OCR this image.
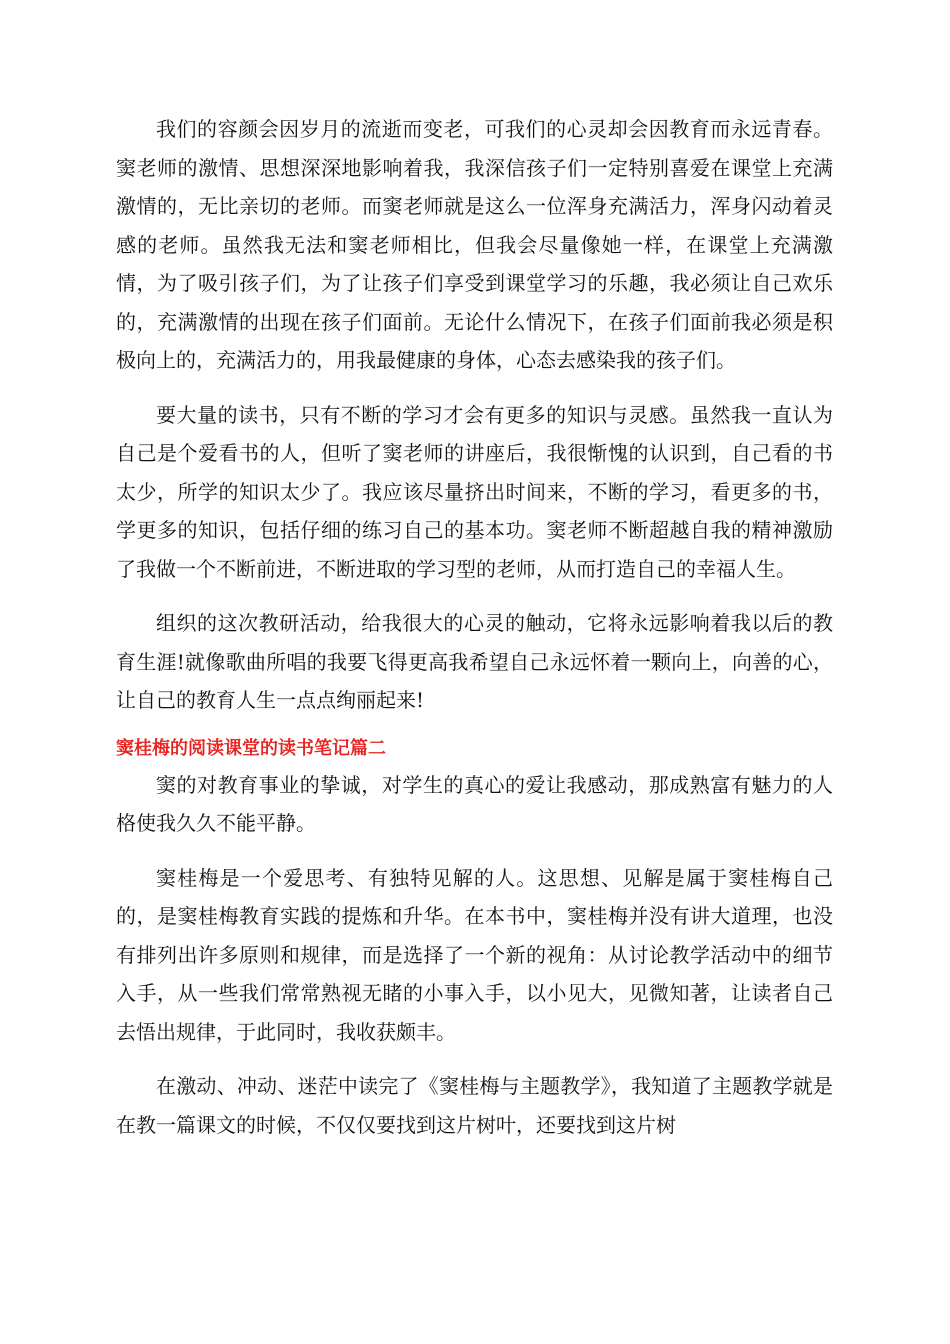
我们的容颜会因岁月的流逝而变老，可我们的心灵却会因教育而永远青春。窦老师的激情、思想深深地影响着我，我深信孩子们一定特别喜爱在课堂上充满激情的，无比亲切的老师。而窦老师就是这么一位浑身充满活力，浑身闪动着灵感的老师。虽然我无法和窦老师相比，但我会尽量像她一样，在课堂上充满激情，为了吸引孩子们，为了让孩子们享受到课堂学习的乐趣，我必须让自己欢乐的，充满激情的出现在孩子们面前。无论什么情况下，在孩子们面前我必须是积极向上的，充满活力的，用我最健康的身体，心态去感染我的孩子们。

要大量的读书，只有不断的学习才会有更多的知识与灵感。虽然我一直认为自己是个爱看书的人，但听了窦老师的讲座后，我很惭愧的认识到，自己看的书太少，所学的知识太少了。我应该尽量挤出时间来，不断的学习，看更多的书，学更多的知识，包括仔细的练习自己的基本功。窦老师不断超越自我的精神激励了我做一个不断前进，不断进取的学习型的老师，从而打造自己的幸福人生。

组织的这次教研活动，给我很大的心灵的触动，它将永远影响着我以后的教育生涯!就像歌曲所唱的我要飞得更高我希望自己永远怀着一颗向上，向善的心，让自己的教育人生一点点绚丽起来!

窦桂梅的阅读课堂的读书笔记篇二

窦的对教育事业的挚诚，对学生的真心的爱让我感动，那成熟富有魅力的人格使我久久不能平静。

窦桂梅是一个爱思考、有独特见解的人。这思想、见解是属于窦桂梅自己的，是窦桂梅教育实践的提炼和升华。在本书中，窦桂梅并没有讲大道理，也没有排列出许多原则和规律，而是选择了一个新的视角：从讨论教学活动中的细节入手，从一些我们常常熟视无睹的小事入手，以小见大，见微知著，让读者自己去悟出规律，于此同时，我收获颇丰。

在激动、冲动、迷茫中读完了《窦桂梅与主题教学》，我知道了主题教学就是在教一篇课文的时候，不仅仅要找到这片树叶，还要找到这片树
